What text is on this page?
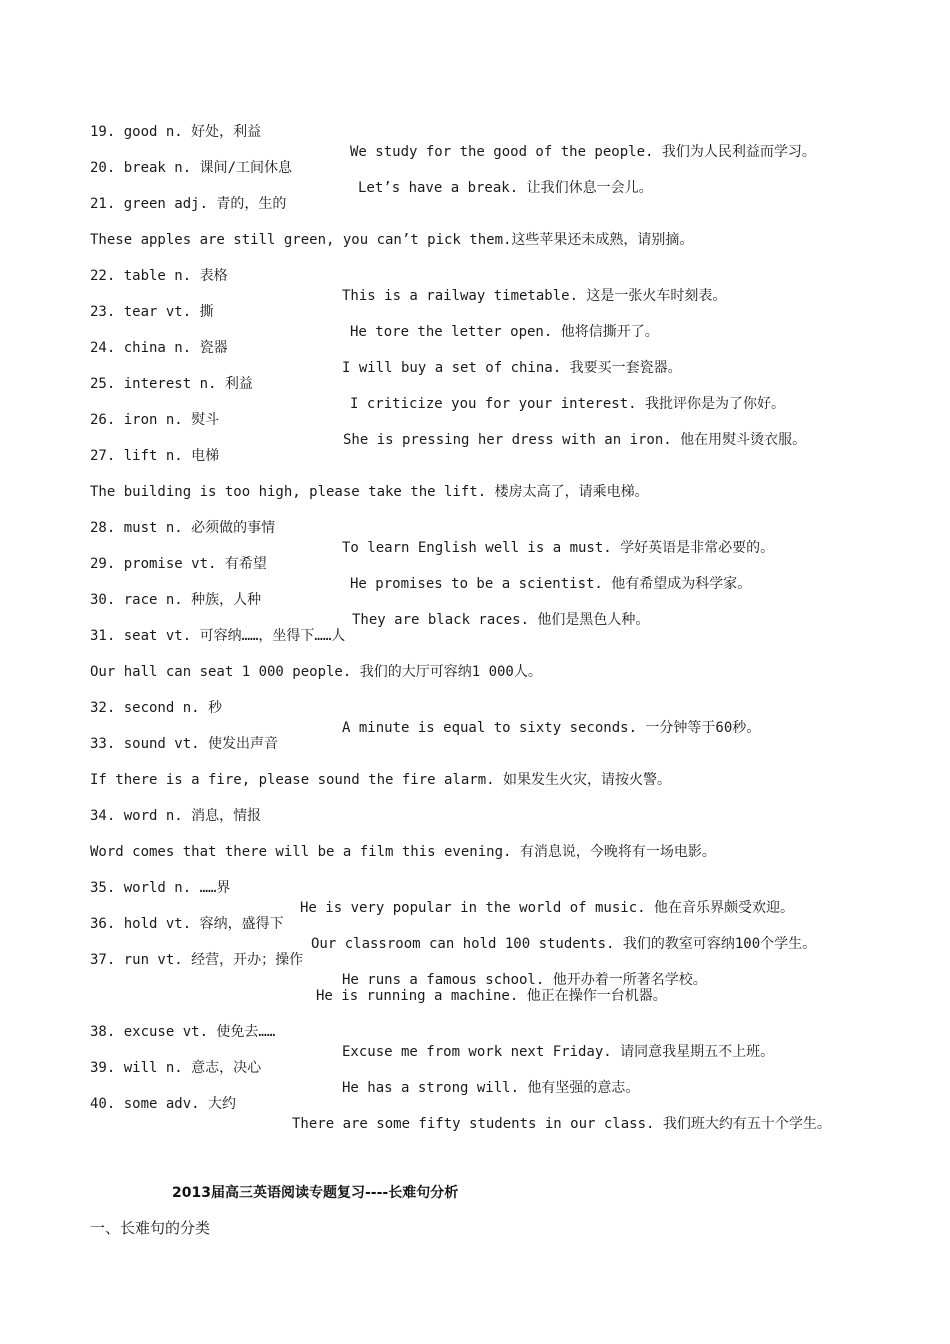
19. good n. 好处，利益

We study for the good of the people. 我们为人民利益而学习。

20. break n. 课间/工间休息

Let’s have a break. 让我们休息一会儿。

21. green adj. 青的，生的

These apples are still green, you can’t pick them.这些苹果还未成熟，请别摘。

22. table n. 表格

This is a railway timetable. 这是一张火车时刻表。

23. tear vt. 撕

He tore the letter open. 他将信撕开了。

24. china n. 瓷器

I will buy a set of china. 我要买一套瓷器。

25. interest n. 利益

I criticize you for your interest. 我批评你是为了你好。

26. iron n. 熨斗

She is pressing her dress with an iron. 他在用熨斗烫衣服。

27. lift n. 电梯

The building is too high, please take the lift. 楼房太高了，请乘电梯。

28. must n. 必须做的事情

To learn English well is a must. 学好英语是非常必要的。

29. promise vt. 有希望

He promises to be a scientist. 他有希望成为科学家。

30. race n. 种族，人种

They are black races. 他们是黑色人种。

31. seat vt. 可容纳……，坐得下……人

Our hall can seat 1 000 people. 我们的大厅可容纳1 000人。

32. second n. 秒

A minute is equal to sixty seconds. 一分钟等于60秒。

33. sound vt. 使发出声音

If there is a fire, please sound the fire alarm. 如果发生火灾，请按火警。

34. word n. 消息，情报

Word comes that there will be a film this evening. 有消息说，今晚将有一场电影。

35. world n. ……界

He is very popular in the world of music. 他在音乐界颇受欢迎。

36. hold vt. 容纳，盛得下

Our classroom can hold 100 students. 我们的教室可容纳100个学生。

37. run vt. 经营，开办；操作

He runs a famous school. 他开办着一所著名学校。

He is running a machine. 他正在操作一台机器。

38. excuse vt. 使免去……

Excuse me from work next Friday. 请同意我星期五不上班。

39. will n. 意志，决心

He has a strong will. 他有坚强的意志。

40. some adv. 大约

There are some fifty students in our class. 我们班大约有五十个学生。

2013届高三英语阅读专题复习----长难句分析
一、长难句的分类
